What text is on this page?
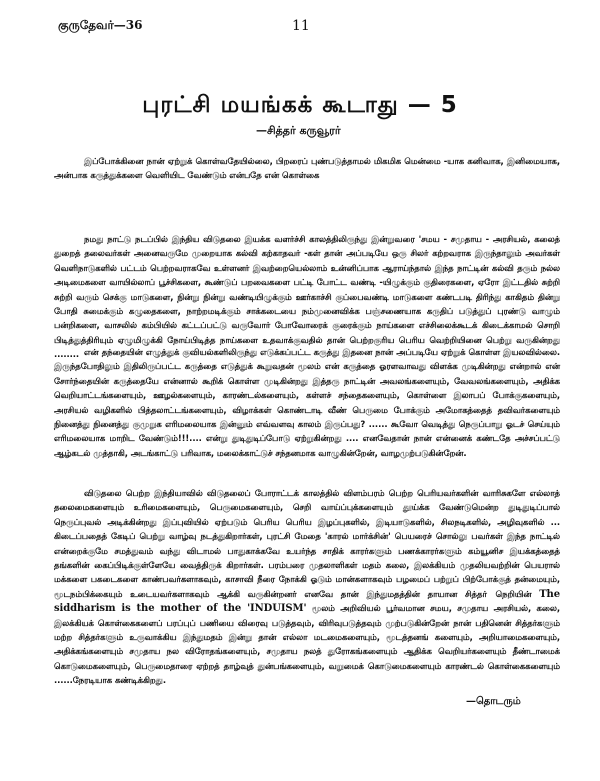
குருதேவர்—36	11
புரட்சி மயங்கக் கூடாது — 5
—சித்தர் கருவூரர்
இப்போக்கினை நான் ஏற்றுக் கொள்வதேயில்லை, பிறரைப் புண்படுத்தாமல் மிகமிக மென்மை -யாக கனிவாக, இனிமையாக, அன்பாக கருத்துக்களை வெளியிட வேண்டும் என்பதே என் கொள்கை
நமது நாட்டு நடப்பில் இந்திய விடுதலை இயக்க வளர்ச்சி காலத்திலிருந்து இன்றுவரை 'சமய - சமுதாய - அரசியல், கலைத் துறைத் தலைவர்கள் அனைவருமே முறையாக கல்வி கற்காதவர் -கள் தான் அப்படியே ஒரு சிலர் கற்றவராக இருந்தாலும் அவர்கள் வெளிநாடுகளில் பட்டம் பெற்றவராகவே உள்ளனர் இவற்றையெல்லாம் உன்னிப்பாக ஆராய்ந்தால் இந்த நாட்டின் கல்வி தரும் நல்ல அடிமைகளை வாயில்லாப் பூச்சிகளை, கூண்டுப் பறவைகளை பட்டி போட்ட வண்டி -யிழுக்கும் குதிரைகளை, ஏரோ இட்டதில் சுற்றி சுற்றி வரும் செக்கு மாடுகளை, நின்று நின்று வண்டியிழுக்கும் ஊர்காச்சி குப்பைவண்டி மாடுகளை கண்டபடி திரிந்து காகிதம் தின்று போதி சுமைக்கும் கழுதைகளை, நாற்றமடிக்கும் சாக்கடையை நம்முனைவிக்க பஞ்சணையாக கருதிப் படுத்துப் புரண்டு வாழும் பன்றிகளை, வாசலில் கம்பியில் கட்டப்பட்டு வருவோர் போவோரைக் குரைக்கும் நாய்களை எச்சிலைக்கூடக் கிடைக்காமல் சொறி பிடித்துத்திரியும் ஏழுமிழுக்கி நோய்பிடித்த நாய்களை உதவாக்குவதில் தான் பெற்றகுரிய பெரிய வெற்றியினை பெற்று வருகின்றது ........ என் தந்தையின் எழுத்துக் குவியல்களிலிருந்து எடுக்கப்பட்ட கருத்து இதனை நான் அப்படியே ஏற்றுக் கொள்ள இயலவில்லை. இருந்தபோதிலும் இதிலிருப்பட்ட கருத்தை எடுத்துக் கூறுவதன் மூலம் என் கருத்தை ஓரளவாவது விளக்க முடிகின்றது என்றால் என் சோர்ந்தையின் கருத்தையே என்னால் கூறிக் கொள்ள முடிகின்றது இத்தரு நாட்டின் அவலங்களையும், வேவலங்களையும், அதிக்க வெறியாட்டங்களையும், ஊழல்களையும், காரண்டல்களையும், கள்ளச் சந்தைகளையும், கொள்ளை இலாபப் போக்குகளையும், அரசியல் வழிகளில் பித்தலாட்டங்களையும், விழாக்கள் கொண்டாடி வீண் பெருமை போக்கும் அமோகத்தைத் தவிவர்களையும் நினைத்து நினைத்து குமுறுக எரிமலையாக இன்னும் எவ்வளவு காலம் இருப்பது? ...... கூவோ வெடித்து நெருப்பாறு ஓடச் செய்யும் எரிமலையாக மாறிட வேண்டும்!!!.... என்று துடிதுடிப்போடு ஏற்றுகின்றது .... எனவேதான் நான் என்னைக் கண்டதே அச்சப்பட்டு ஆழ்கடல் முத்தாகி, அடங்காட்டு பரிவாக, மலைக்காட்டுச் சந்தனமாக வாழுகின்றேன், வாழமுற்படுகின்றேன்.
விடுதலை பெற்ற இந்தியாவில் விடுதலைப் போராட்டக் காலத்தில் விளம்பரம் பெற்ற பெரியவர்களின் வாரிசுகளே எல்லாத் தலைமைகளையும் உரிமைகளையும், பெருமைகளையும், செறி வாய்ப்புக்களையும் தூய்க்க வேண்டுமென்ற துடிதுடிப்பால் நெருப்புவல் அடிக்கின்றது இப்புவியில் ஏற்படும் பெரிய பெரிய இழப்புகளில், இடியாடுகளில், சிலநடிகளில், அழிவுகளில் ... கிடைப்பதைத் கேடிப் பெற்று வாழ்வு நடத்துகிறார்கள், புரட்சி மேதை 'காரல் மார்க்சின்' பெயரைச் சொல்லு பவர்கள் இந்த நாட்டில் என்றைக்குமே சமத்துவம் வந்து விடாமல் பாதுகாக்கவே உயர்ந்த சாதிக் காரர்களும் பணக்காரர்களும் கம்யூனிச இயக்கத்தைத் தங்களின் கைப்பிடிக்குள்ளேயே வைத்திருக் கிறார்கள். பரம்பரை முதலாளிகள் மதம் கலை, இலக்கியம் முதலியவற்றின் பெயரால் மக்களை பகடைகளை காண்பவர்களாகவும், காசாவி நீரை நோக்கி ஓடும் மான்களாகவும் பழமைப் பற்றுப் பிற்போக்குத் தன்மையும், மூடநம்பிக்கையும் உடையவர்களாகவும் ஆக்கி வருகின்றனர் எனவே தான் இந்துமதத்தின் தாயான சித்தா் நெறியின் The siddharism is the mother of the 'INDUISM' மூலம் அறிவியல் பூர்வமான சமய, சமுதாய அரசியல், கலை, இலக்கியக் கொள்கைகளைப் பரப்புப் பணியை விரைவு படுத்தவும், விரிவுபடுத்தவும் முற்படுகின்றேன் நான் பதினென் சித்தர்களும் மற்ற சித்தர்களும் உருவாக்கிய இந்துமதம் இன்று தான் எல்லா மடமைகளையும், மூடத்தனங் களையும், அறியாமைகளையும், அதிக்கங்களையும் சமுதாய நல விரோதங்களையும், சமுதாய நலத் துரோகங்களையும் ஆதிக்க வெறியர்களையும் தீண்டாமைக் கொடுமைகளையும், பெருமைதாரை ஏற்றத் தாழ்வுத் துன்பங்களையும், வறுமைக் கொடுமைகளையும் காரண்டல் கொள்கைகளையும் ......நேரடியாக கண்டிக்கிறது.
—தொடரும்
